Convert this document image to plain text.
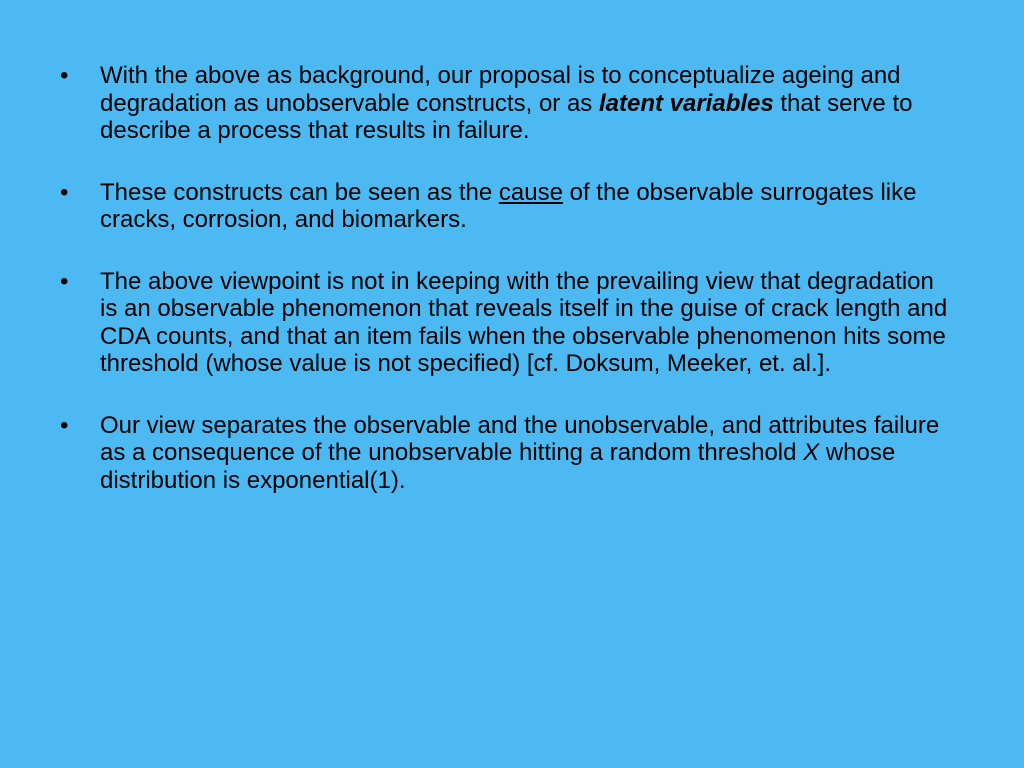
• With the above as background, our proposal is to conceptualize ageing and degradation as unobservable constructs, or as latent variables that serve to describe a process that results in failure.
• These constructs can be seen as the cause of the observable surrogates like cracks, corrosion, and biomarkers.
• The above viewpoint is not in keeping with the prevailing view that degradation is an observable phenomenon that reveals itself in the guise of crack length and CDA counts, and that an item fails when the observable phenomenon hits some threshold (whose value is not specified) [cf. Doksum, Meeker, et. al.].
• Our view separates the observable and the unobservable, and attributes failure as a consequence of the unobservable hitting a random threshold X whose distribution is exponential(1).
